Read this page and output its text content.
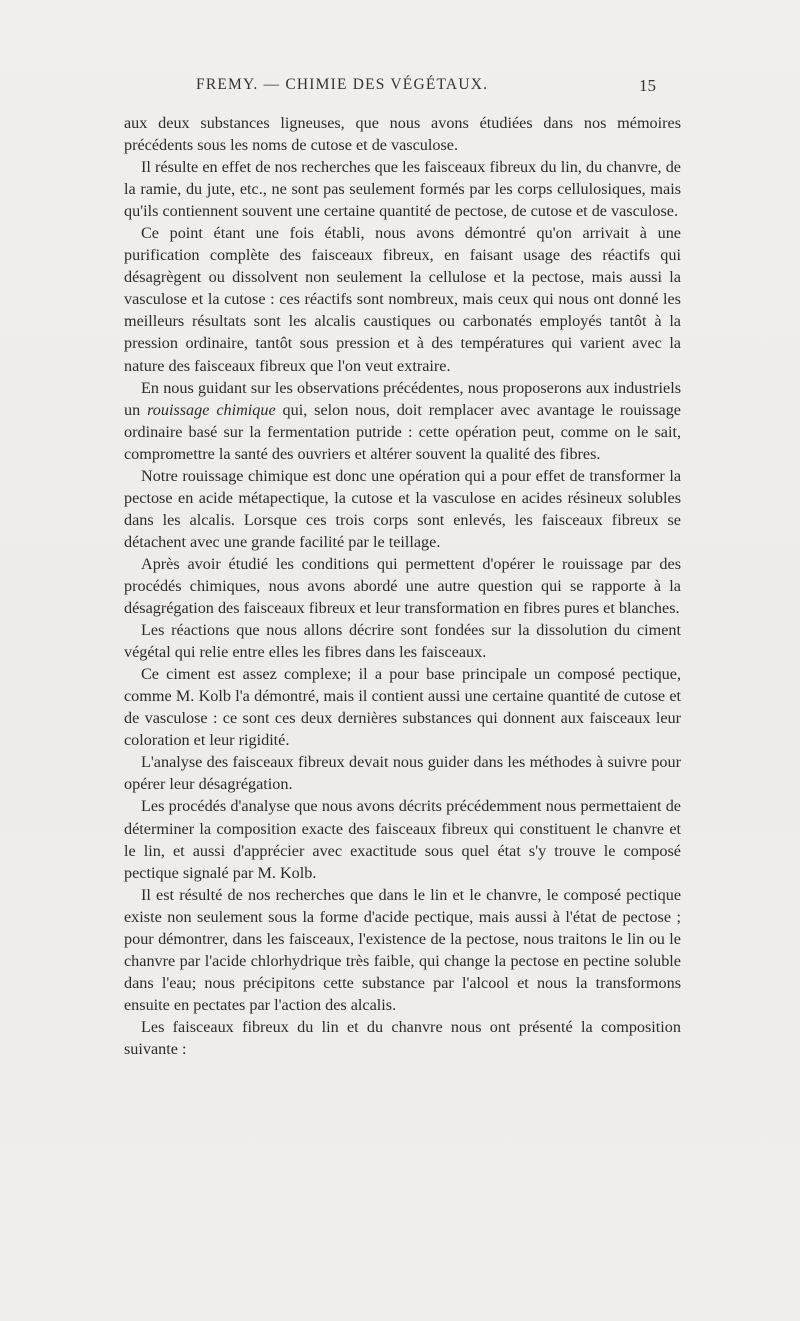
FREMY. — CHIMIE DES VÉGÉTAUX.	15

aux deux substances ligneuses, que nous avons étudiées dans nos mémoires précédents sous les noms de cutose et de vasculose.

Il résulte en effet de nos recherches que les faisceaux fibreux du lin, du chanvre, de la ramie, du jute, etc., ne sont pas seulement formés par les corps cellulosiques, mais qu'ils contiennent souvent une certaine quantité de pectose, de cutose et de vasculose.

Ce point étant une fois établi, nous avons démontré qu'on arrivait à une purification complète des faisceaux fibreux, en faisant usage des réactifs qui désagrègent ou dissolvent non seulement la cellulose et la pectose, mais aussi la vasculose et la cutose : ces réactifs sont nombreux, mais ceux qui nous ont donné les meilleurs résultats sont les alcalis caustiques ou carbonatés employés tantôt à la pression ordinaire, tantôt sous pression et à des températures qui varient avec la nature des faisceaux fibreux que l'on veut extraire.

En nous guidant sur les observations précédentes, nous proposerons aux industriels un rouissage chimique qui, selon nous, doit remplacer avec avantage le rouissage ordinaire basé sur la fermentation putride : cette opération peut, comme on le sait, compromettre la santé des ouvriers et altérer souvent la qualité des fibres.

Notre rouissage chimique est donc une opération qui a pour effet de transformer la pectose en acide métapectique, la cutose et la vasculose en acides résineux solubles dans les alcalis. Lorsque ces trois corps sont enlevés, les faisceaux fibreux se détachent avec une grande facilité par le teillage.

Après avoir étudié les conditions qui permettent d'opérer le rouissage par des procédés chimiques, nous avons abordé une autre question qui se rapporte à la désagrégation des faisceaux fibreux et leur transformation en fibres pures et blanches.

Les réactions que nous allons décrire sont fondées sur la dissolution du ciment végétal qui relie entre elles les fibres dans les faisceaux.

Ce ciment est assez complexe; il a pour base principale un composé pectique, comme M. Kolb l'a démontré, mais il contient aussi une certaine quantité de cutose et de vasculose : ce sont ces deux dernières substances qui donnent aux faisceaux leur coloration et leur rigidité.

L'analyse des faisceaux fibreux devait nous guider dans les méthodes à suivre pour opérer leur désagrégation.

Les procédés d'analyse que nous avons décrits précédemment nous permettaient de déterminer la composition exacte des faisceaux fibreux qui constituent le chanvre et le lin, et aussi d'apprécier avec exactitude sous quel état s'y trouve le composé pectique signalé par M. Kolb.

Il est résulté de nos recherches que dans le lin et le chanvre, le composé pectique existe non seulement sous la forme d'acide pectique, mais aussi à l'état de pectose ; pour démontrer, dans les faisceaux, l'existence de la pectose, nous traitons le lin ou le chanvre par l'acide chlorhydrique très faible, qui change la pectose en pectine soluble dans l'eau; nous précipitons cette substance par l'alcool et nous la transformons ensuite en pectates par l'action des alcalis.

Les faisceaux fibreux du lin et du chanvre nous ont présenté la composition suivante :
